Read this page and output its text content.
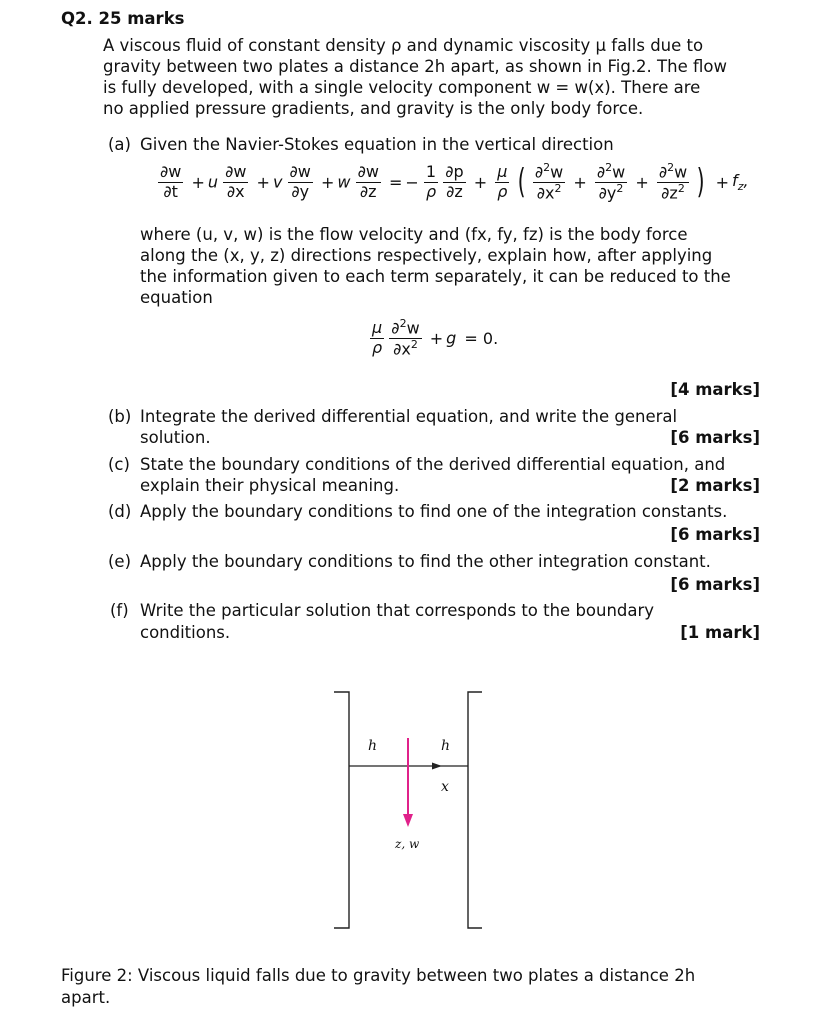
Q2. 25 marks
A viscous fluid of constant density ρ and dynamic viscosity μ falls due to
gravity between two plates a distance 2h apart, as shown in Fig.2. The flow
is fully developed, with a single velocity component w = w(x). There are
no applied pressure gradients, and gravity is the only body force.
(a) Given the Navier-Stokes equation in the vertical direction
$\frac{\partial w}{\partial t} + u \frac{\partial w}{\partial x} + v \frac{\partial w}{\partial y} + w \frac{\partial w}{\partial z}$ = − $\frac{1}{\rho}$
$\frac{\partial p}{\partial z} + \frac{\mu}{\rho}$ ( $\frac{\partial^2w}{\partial x^2} + \frac{\partial^2w}{\partial y^2} + \frac{\partial^2w}{\partial z^2}$ ) + $f_z$,
where (u, v, w) is the flow velocity and (fx, fy, fz) is the body force
along the (x, y, z) directions respectively, explain how, after applying
the information given to each term separately, it can be reduced to the
equation
$\frac{\mu}{\rho}$
$\frac{\partial^2w}{\partial x^2} + g = 0$.
[4 marks]
(b) Integrate the derived differential equation, and write the general
solution.	[6 marks]
(c) State the boundary conditions of the derived differential equation, and
explain their physical meaning.	[2 marks]
(d) Apply the boundary conditions to find one of the integration constants.
[6 marks]
(e) Apply the boundary conditions to find the other integration constant.
[6 marks]
(f) Write the particular solution that corresponds to the boundary
conditions.	[1 mark]
h	h
x
z, w
Figure 2: Viscous liquid falls due to gravity between two plates a distance 2h
apart.
